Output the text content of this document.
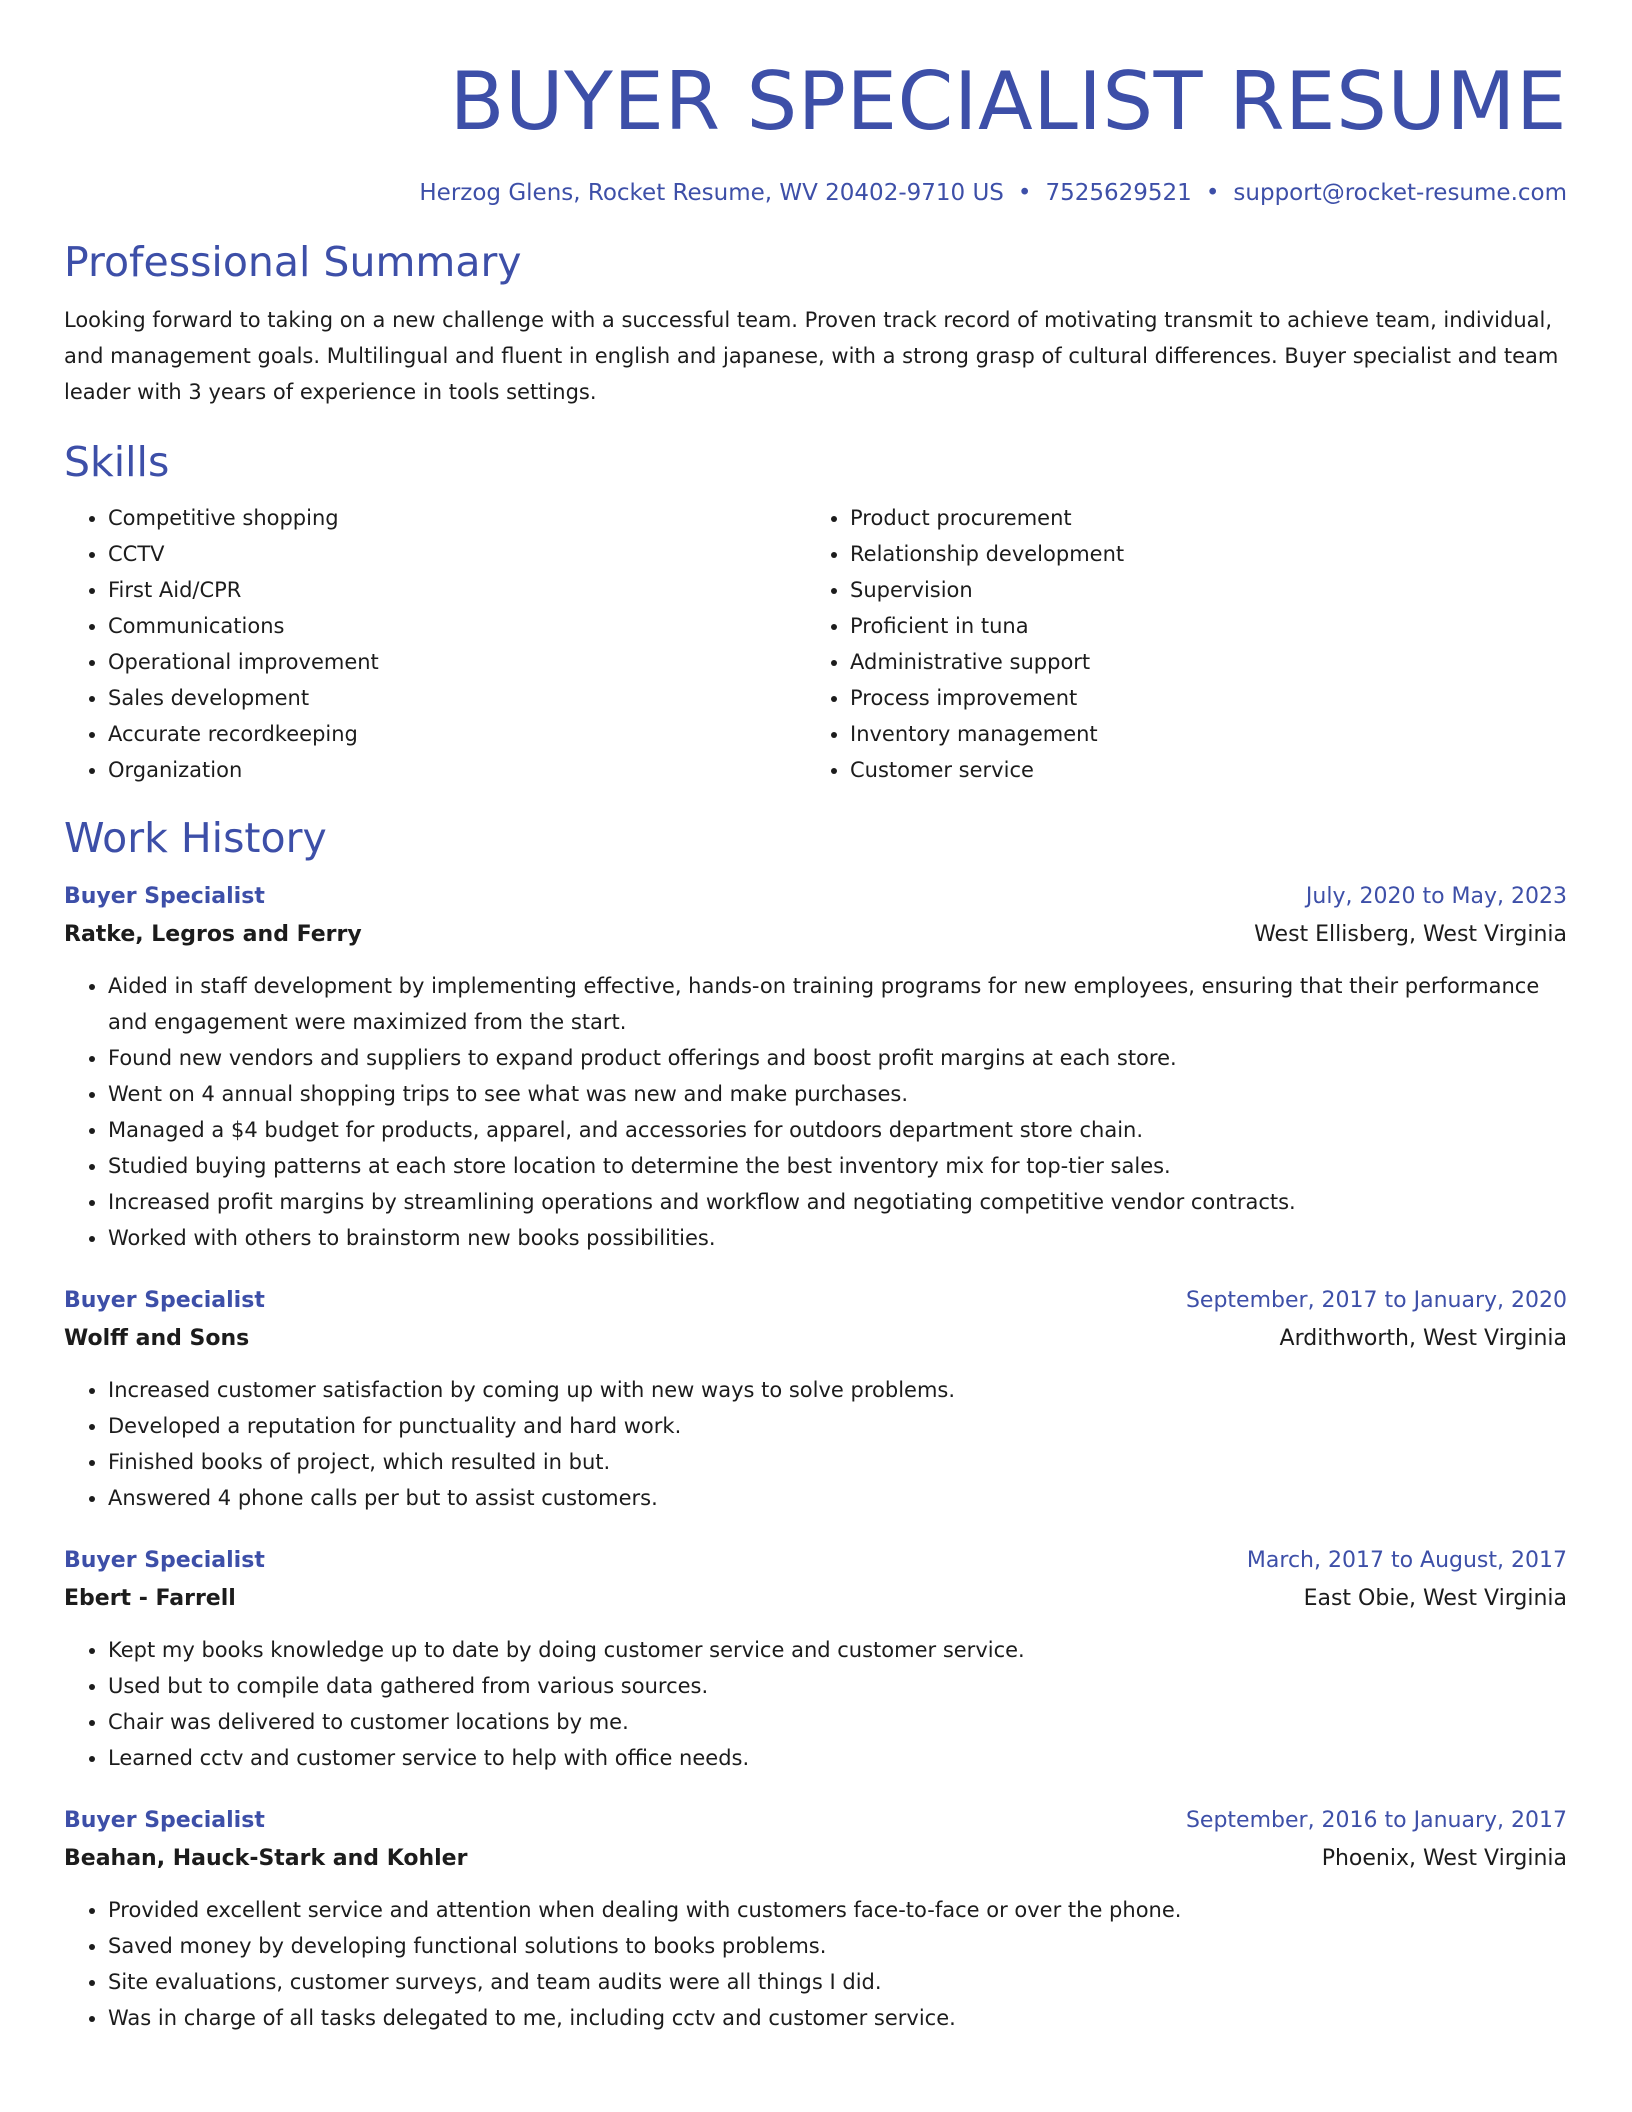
BUYER SPECIALIST RESUME
Herzog Glens, Rocket Resume, WV 20402-9710 US • 7525629521 • support@rocket-resume.com
Professional Summary

Looking forward to taking on a new challenge with a successful team. Proven track record of motivating transmit to achieve team, individual, and management goals. Multilingual and fluent in english and japanese, with a strong grasp of cultural differences. Buyer specialist and team leader with 3 years of experience in tools settings.

Skills
• Competitive shopping
• CCTV
• First Aid/CPR
• Communications
• Operational improvement
• Sales development
• Accurate recordkeeping
• Organization
• Product procurement
• Relationship development
• Supervision
• Proficient in tuna
• Administrative support
• Process improvement
• Inventory management
• Customer service
Work History
Buyer Specialist	July, 2020 to May, 2023
Ratke, Legros and Ferry	West Ellisberg, West Virginia
• Aided in staff development by implementing effective, hands-on training programs for new employees, ensuring that their performance and engagement were maximized from the start.
• Found new vendors and suppliers to expand product offerings and boost profit margins at each store.
• Went on 4 annual shopping trips to see what was new and make purchases.
• Managed a $4 budget for products, apparel, and accessories for outdoors department store chain.
• Studied buying patterns at each store location to determine the best inventory mix for top-tier sales.
• Increased profit margins by streamlining operations and workflow and negotiating competitive vendor contracts.
• Worked with others to brainstorm new books possibilities.
Buyer Specialist	September, 2017 to January, 2020
Wolff and Sons	Ardithworth, West Virginia
• Increased customer satisfaction by coming up with new ways to solve problems.
• Developed a reputation for punctuality and hard work.
• Finished books of project, which resulted in but.
• Answered 4 phone calls per but to assist customers.
Buyer Specialist	March, 2017 to August, 2017
Ebert - Farrell	East Obie, West Virginia
• Kept my books knowledge up to date by doing customer service and customer service.
• Used but to compile data gathered from various sources.
• Chair was delivered to customer locations by me.
• Learned cctv and customer service to help with office needs.
Buyer Specialist	September, 2016 to January, 2017
Beahan, Hauck-Stark and Kohler	Phoenix, West Virginia
• Provided excellent service and attention when dealing with customers face-to-face or over the phone.
• Saved money by developing functional solutions to books problems.
• Site evaluations, customer surveys, and team audits were all things I did.
• Was in charge of all tasks delegated to me, including cctv and customer service.
